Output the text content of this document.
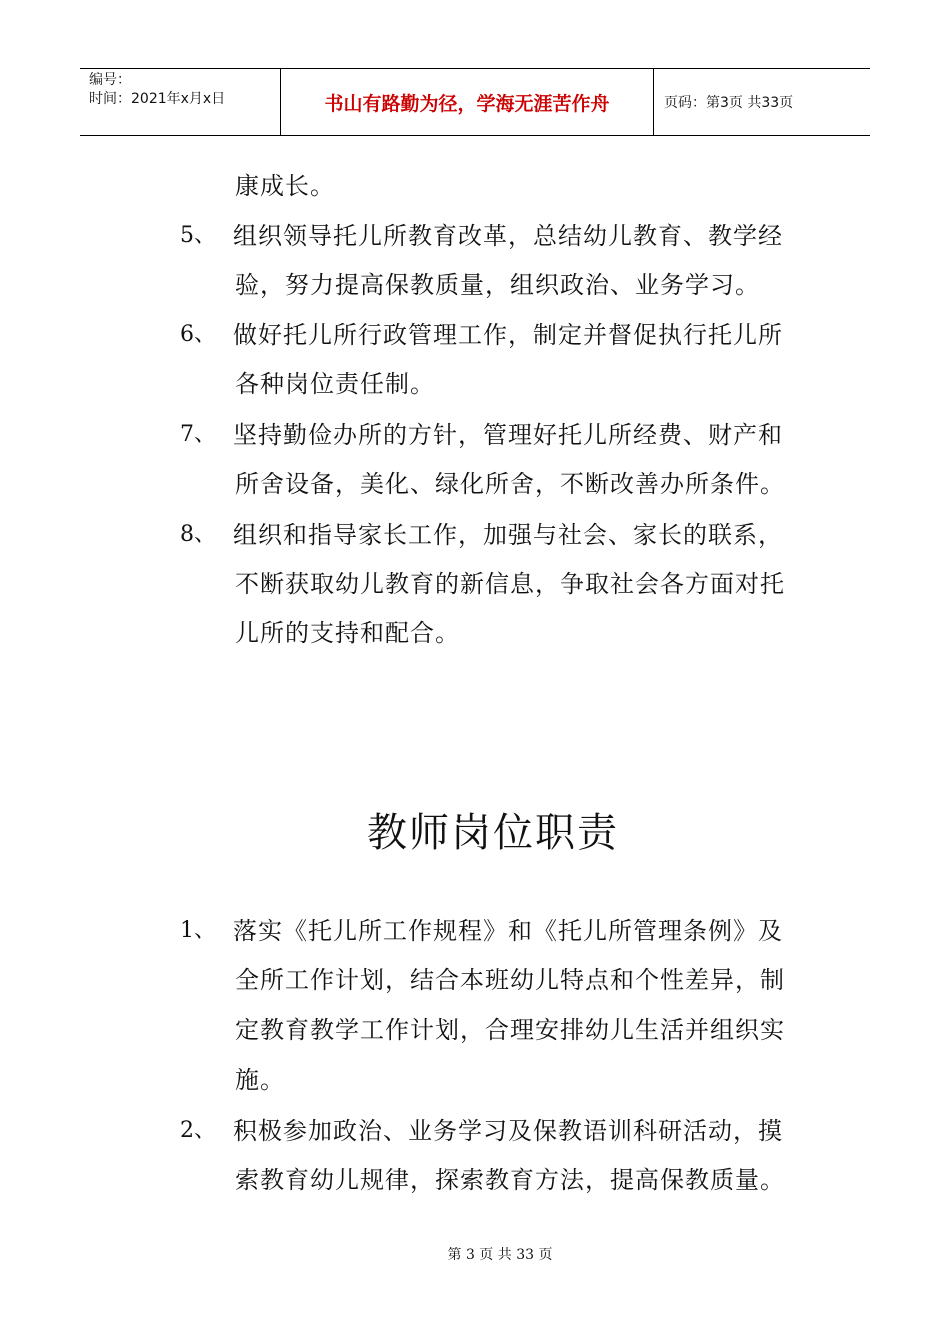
编号：
时间：2021年x月x日	书山有路勤为径，学海无涯苦作舟	页码：第3页 共33页
康成长。
5、 组织领导托儿所教育改革，总结幼儿教育、教学经
验，努力提高保教质量，组织政治、业务学习。
6、 做好托儿所行政管理工作，制定并督促执行托儿所
各种岗位责任制。
7、 坚持勤俭办所的方针，管理好托儿所经费、财产和
所舍设备，美化、绿化所舍，不断改善办所条件。
8、 组织和指导家长工作，加强与社会、家长的联系，
不断获取幼儿教育的新信息，争取社会各方面对托
儿所的支持和配合。
教师岗位职责
1、 落实《托儿所工作规程》和《托儿所管理条例》及
全所工作计划，结合本班幼儿特点和个性差异，制
定教育教学工作计划，合理安排幼儿生活并组织实
施。
2、 积极参加政治、业务学习及保教语训科研活动，摸
索教育幼儿规律，探索教育方法，提高保教质量。
第 3 页 共 33 页
